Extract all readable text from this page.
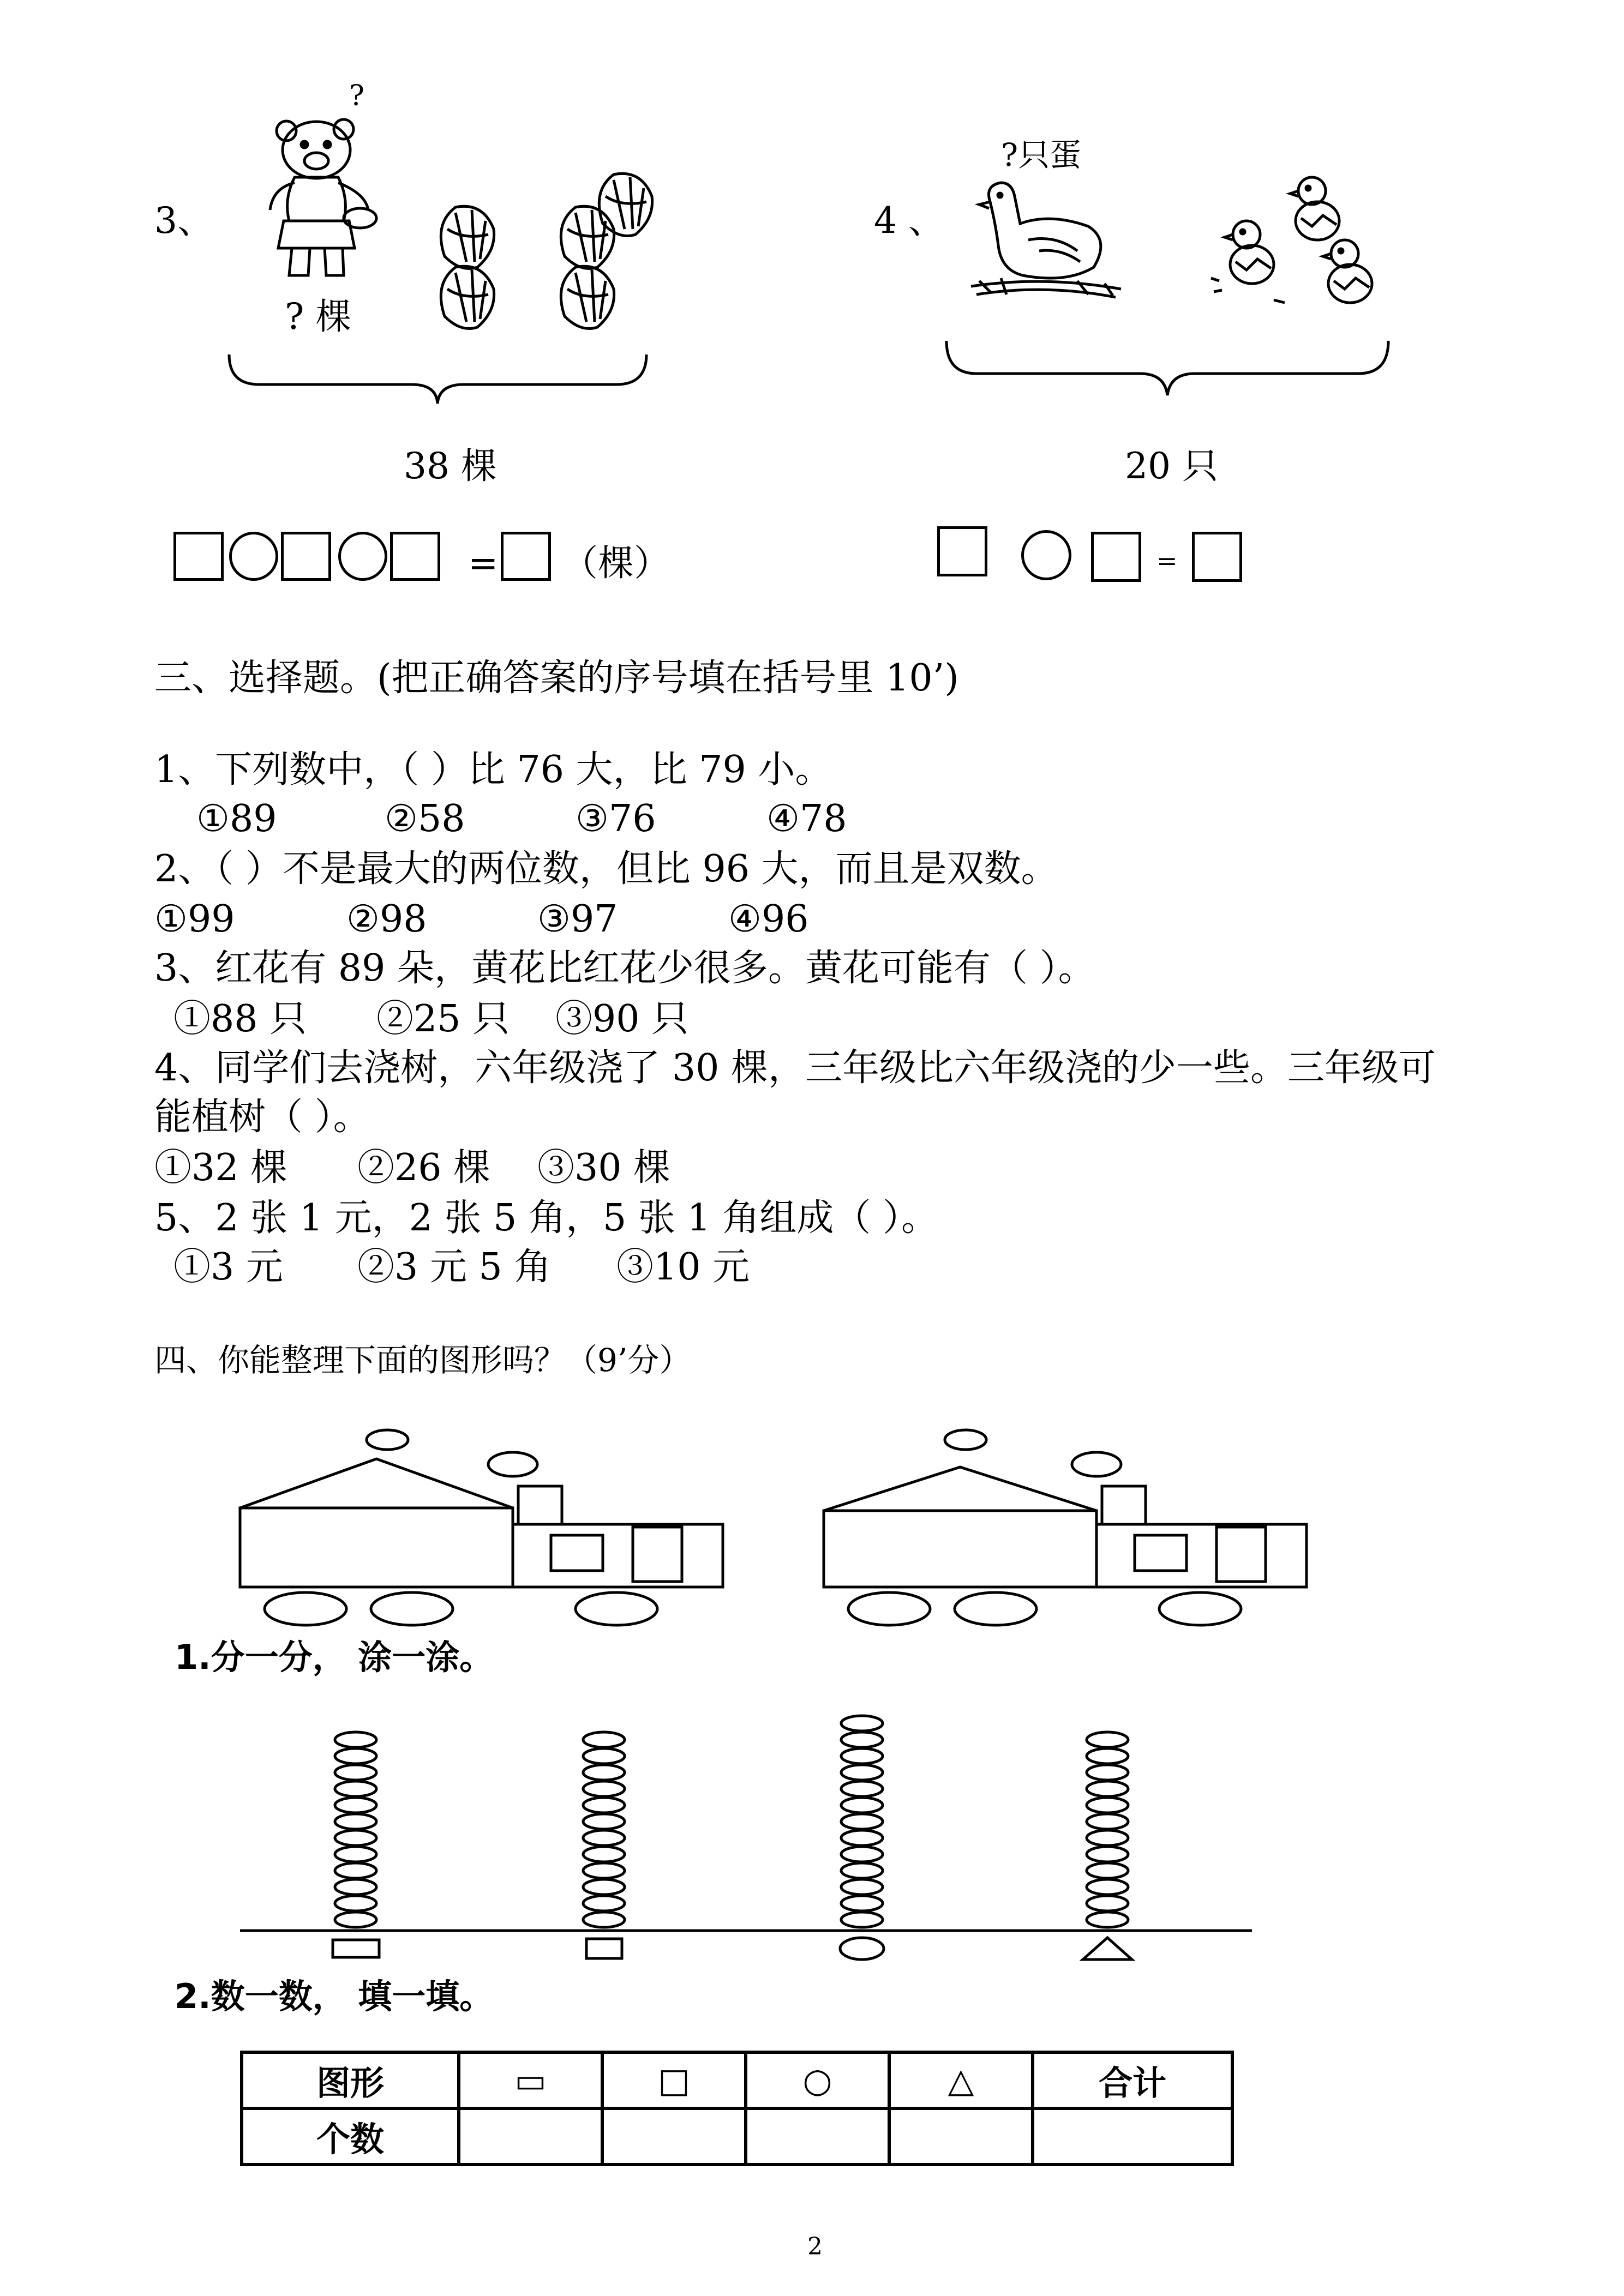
3、
?
? 棵
38 棵
= （棵）
4 、
?只蛋
20 只
=
三、选择题。(把正确答案的序号填在括号里 10’)
1、下列数中，（ ）比 76 大，比 79 小。
①89	②58	③76	④78
2、（ ）不是最大的两位数，但比 96 大，而且是双数。
①99	②98	③97	④96
3、红花有 89 朵，黄花比红花少很多。黄花可能有（ ）。
①88 只 ②25 只 ③90 只
4、同学们去浇树，六年级浇了 30 棵，三年级比六年级浇的少一些。三年级可
能植树（ ）。
①32 棵 ②26 棵 ③30 棵
5、2 张 1 元，2 张 5 角，5 张 1 角组成（ ）。
①3 元 ②3 元 5 角 ③10 元
四、你能整理下面的图形吗？（9’分）
1.分一分， 涂一涂。
2.数一数， 填一填。
图形	▭	□	○	△	合计
个数					
2
